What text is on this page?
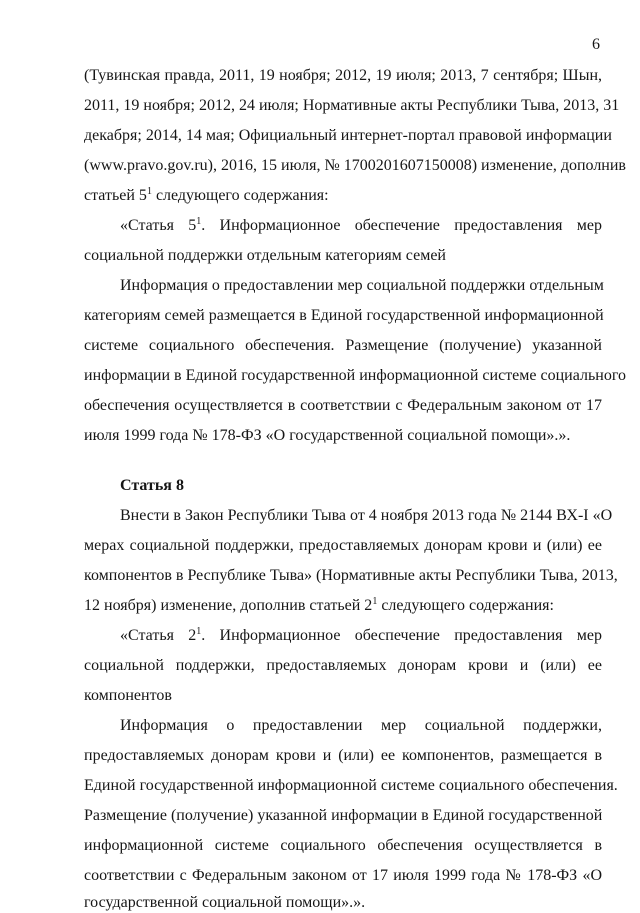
6
(Тувинская правда, 2011, 19 ноября; 2012, 19 июля; 2013, 7 сентября; Шын,
2011, 19 ноября; 2012, 24 июля; Нормативные акты Республики Тыва, 2013, 31
декабря; 2014, 14 мая; Официальный интернет-портал правовой информации
(www.pravo.gov.ru), 2016, 15 июля, № 1700201607150008) изменение, дополнив
статьей $5^1$ следующего содержания:
«Статья $5^1$. Информационное обеспечение предоставления мер
социальной поддержки отдельным категориям семей
Информация о предоставлении мер социальной поддержки отдельным
категориям семей размещается в Единой государственной информационной
системе социального обеспечения. Размещение (получение) указанной
информации в Единой государственной информационной системе социального
обеспечения осуществляется в соответствии с Федеральным законом от 17
июля 1999 года № 178-ФЗ «О государственной социальной помощи».».
Статья 8
Внести в Закон Республики Тыва от 4 ноября 2013 года № 2144 ВХ-I «О
мерах социальной поддержки, предоставляемых донорам крови и (или) ее
компонентов в Республике Тыва» (Нормативные акты Республики Тыва, 2013,
12 ноября) изменение, дополнив статьей $2^1$ следующего содержания:
«Статья $2^1$. Информационное обеспечение предоставления мер
социальной поддержки, предоставляемых донорам крови и (или) ее
компонентов
Информация о предоставлении мер социальной поддержки,
предоставляемых донорам крови и (или) ее компонентов, размещается в
Единой государственной информационной системе социального обеспечения.
Размещение (получение) указанной информации в Единой государственной
информационной системе социального обеспечения осуществляется в
соответствии с Федеральным законом от 17 июля 1999 года № 178-ФЗ «О
государственной социальной помощи».».
